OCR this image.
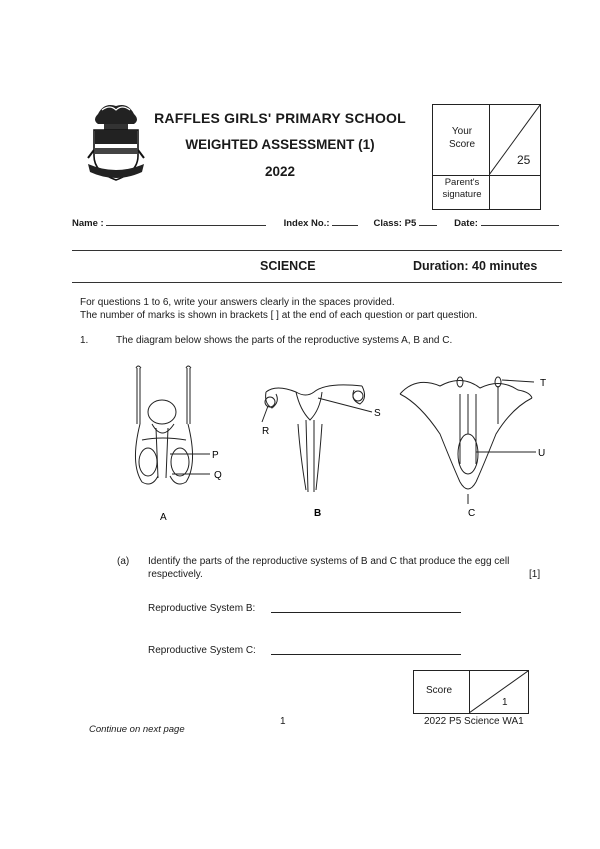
RAFFLES GIRLS' PRIMARY SCHOOL
WEIGHTED ASSESSMENT (1)
2022
Your Score
25
Parent's signature
Name :	Index No.:	Class: P5	Date:
SCIENCE	Duration: 40 minutes
For questions 1 to 6, write your answers clearly in the spaces provided.
The number of marks is shown in brackets [ ] at the end of each question or part question.
1.	The diagram below shows the parts of the reproductive systems A, B and C.
P
Q
A
R
S
B
T
U
C
(a) Identify the parts of the reproductive systems of B and C that produce the egg cell respectively.	[1]
Reproductive System B:
Reproductive System C:
Score
1
Continue on next page
1	2022 P5 Science WA1
